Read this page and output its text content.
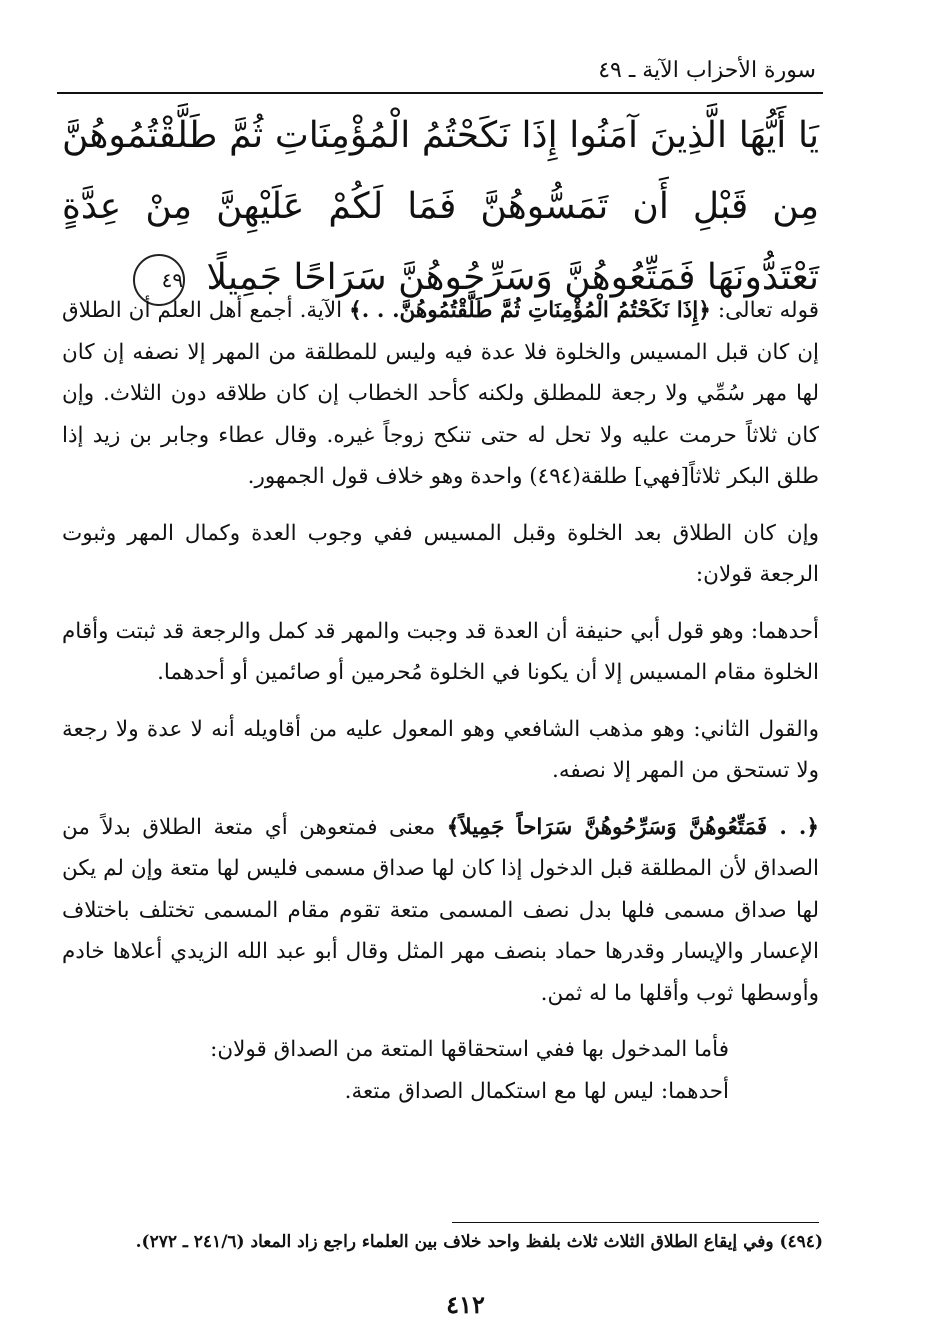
سورة الأحزاب الآية ـ ٤٩
يَا أَيُّهَا الَّذِينَ آمَنُوا إِذَا نَكَحْتُمُ الْمُؤْمِنَاتِ ثُمَّ طَلَّقْتُمُوهُنَّ مِن قَبْلِ أَن تَمَسُّوهُنَّ فَمَا لَكُمْ عَلَيْهِنَّ مِنْ عِدَّةٍ تَعْتَدُّونَهَا فَمَتِّعُوهُنَّ وَسَرِّحُوهُنَّ سَرَاحًا جَمِيلًا ٤٩

قوله تعالى: ﴿إِذَا نَكَحْتُمُ الْمُؤْمِنَاتِ ثُمَّ طَلَّقْتُمُوهُنَّ. . .﴾ الآية. أجمع أهل العلم أن الطلاق إن كان قبل المسيس والخلوة فلا عدة فيه وليس للمطلقة من المهر إلا نصفه إن كان لها مهر سُمِّي ولا رجعة للمطلق ولكنه كأحد الخطاب إن كان طلاقه دون الثلاث. وإن كان ثلاثاً حرمت عليه ولا تحل له حتى تنكح زوجاً غيره. وقال عطاء وجابر بن زيد إذا طلق البكر ثلاثاً[فهي] طلقة(٤٩٤) واحدة وهو خلاف قول الجمهور.

وإن كان الطلاق بعد الخلوة وقبل المسيس ففي وجوب العدة وكمال المهر وثبوت الرجعة قولان:

أحدهما: وهو قول أبي حنيفة أن العدة قد وجبت والمهر قد كمل والرجعة قد ثبتت وأقام الخلوة مقام المسيس إلا أن يكونا في الخلوة مُحرمين أو صائمين أو أحدهما.

والقول الثاني: وهو مذهب الشافعي وهو المعول عليه من أقاويله أنه لا عدة ولا رجعة ولا تستحق من المهر إلا نصفه.

﴿. . فَمَتِّعُوهُنَّ وَسَرِّحُوهُنَّ سَرَاحاً جَمِيلاً﴾ معنى فمتعوهن أي متعة الطلاق بدلاً من الصداق لأن المطلقة قبل الدخول إذا كان لها صداق مسمى فليس لها متعة وإن لم يكن لها صداق مسمى فلها بدل نصف المسمى متعة تقوم مقام المسمى تختلف باختلاف الإعسار والإيسار وقدرها حماد بنصف مهر المثل وقال أبو عبد الله الزيدي أعلاها خادم وأوسطها ثوب وأقلها ما له ثمن.

فأما المدخول بها ففي استحقاقها المتعة من الصداق قولان:

أحدهما: ليس لها مع استكمال الصداق متعة.

(٤٩٤) وفي إيقاع الطلاق الثلاث ثلاث بلفظ واحد خلاف بين العلماء راجع زاد المعاد (٢٤١/٦ ـ ٢٧٢).
٤١٢
